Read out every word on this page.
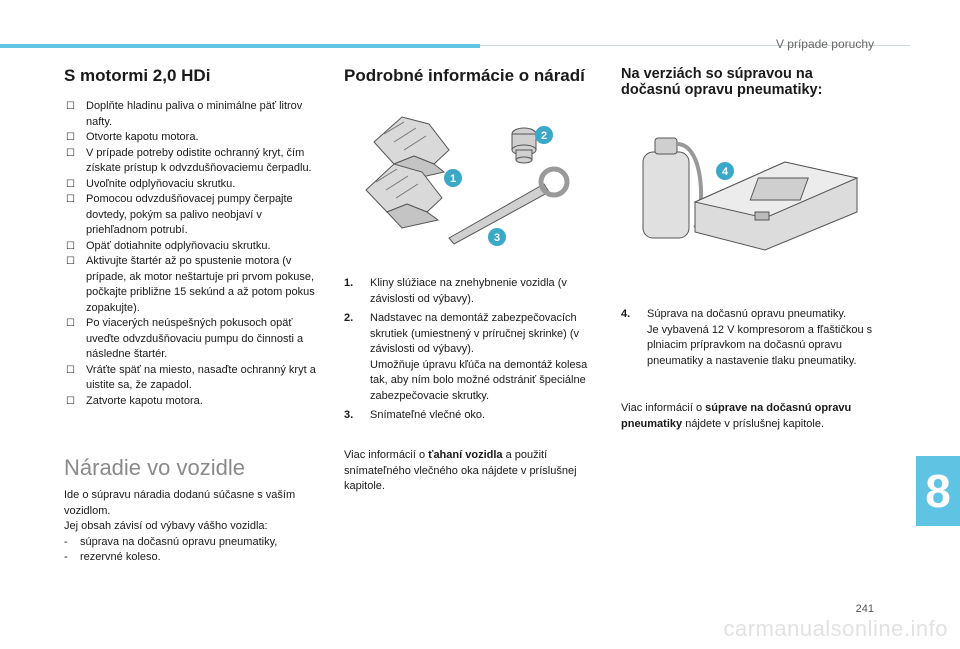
V prípade poruchy
S motormi 2,0 HDi
☐ Doplňte hladinu paliva o minimálne päť litrov nafty.
☐ Otvorte kapotu motora.
☐ V prípade potreby odistite ochranný kryt, čím získate prístup k odvzdušňovaciemu čerpadlu.
☐ Uvoľnite odplyňovaciu skrutku.
☐ Pomocou odvzdušňovacej pumpy čerpajte dovtedy, pokým sa palivo neobjaví v priehľadnom potrubí.
☐ Opäť dotiahnite odplyňovaciu skrutku.
☐ Aktivujte štartér až po spustenie motora (v prípade, ak motor neštartuje pri prvom pokuse, počkajte približne 15 sekúnd a až potom pokus zopakujte).
☐ Po viacerých neúspešných pokusoch opäť uveďte odvzdušňovaciu pumpu do činnosti a následne štartér.
☐ Vráťte späť na miesto, nasaďte ochranný kryt a uistite sa, že zapadol.
☐ Zatvorte kapotu motora.
Náradie vo vozidle

Ide o súpravu náradia dodanú súčasne s vaším vozidlom.

Jej obsah závisí od výbavy vášho vozidla:

- súprava na dočasnú opravu pneumatiky,
- rezervné koleso.
Podrobné informácie o náradí
2
1
3
1. Kliny slúžiace na znehybnenie vozidla (v závislosti od výbavy).
2. Nadstavec na demontáž zabezpečovacích skrutiek (umiestnený v príručnej skrinke) (v závislosti od výbavy).
Umožňuje úpravu kľúča na demontáž kolesa tak, aby ním bolo možné odstrániť špeciálne zabezpečovacie skrutky.
3. Snímateľné vlečné oko.

Viac informácií o ťahaní vozidla a použití snímateľného vlečného oka nájdete v príslušnej kapitole.

Na verziách so súpravou na dočasnú opravu pneumatiky:
4
4. Súprava na dočasnú opravu pneumatiky.
Je vybavená 12 V kompresorom a fľaštičkou s plniacim prípravkom na dočasnú opravu pneumatiky a nastavenie tlaku pneumatiky.

Viac informácií o súprave na dočasnú opravu pneumatiky nájdete v príslušnej kapitole.

8
241
carmanualsonline.info
